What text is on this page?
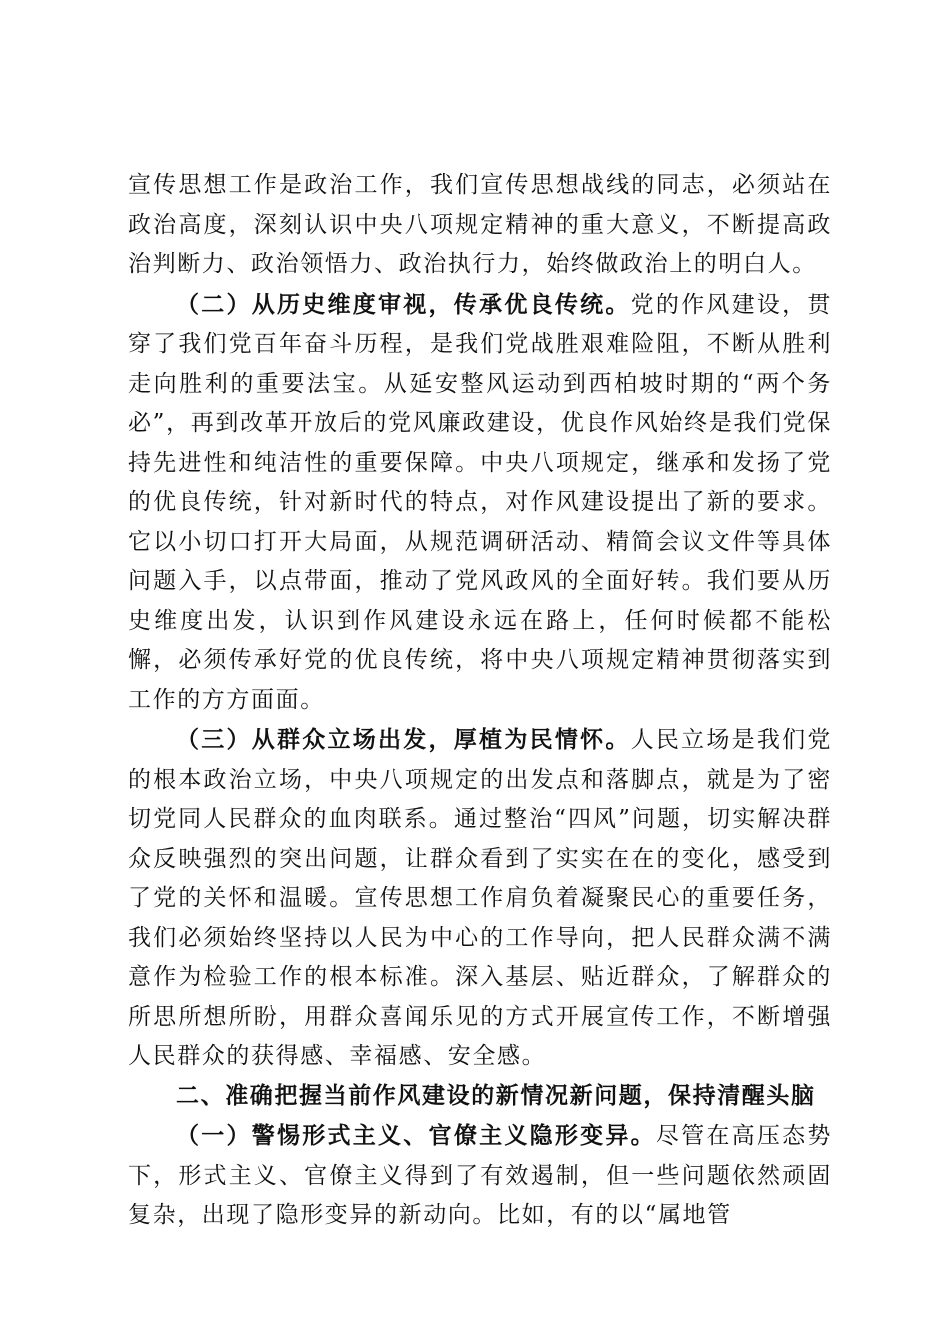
宣传思想工作是政治工作，我们宣传思想战线的同志，必须站在政治高度，深刻认识中央八项规定精神的重大意义，不断提高政治判断力、政治领悟力、政治执行力，始终做政治上的明白人。

（二）从历史维度审视，传承优良传统。党的作风建设，贯穿了我们党百年奋斗历程，是我们党战胜艰难险阻，不断从胜利走向胜利的重要法宝。从延安整风运动到西柏坡时期的“两个务必”，再到改革开放后的党风廉政建设，优良作风始终是我们党保持先进性和纯洁性的重要保障。中央八项规定，继承和发扬了党的优良传统，针对新时代的特点，对作风建设提出了新的要求。它以小切口打开大局面，从规范调研活动、精简会议文件等具体问题入手，以点带面，推动了党风政风的全面好转。我们要从历史维度出发，认识到作风建设永远在路上，任何时候都不能松懈，必须传承好党的优良传统，将中央八项规定精神贯彻落实到工作的方方面面。

（三）从群众立场出发，厚植为民情怀。人民立场是我们党的根本政治立场，中央八项规定的出发点和落脚点，就是为了密切党同人民群众的血肉联系。通过整治“四风”问题，切实解决群众反映强烈的突出问题，让群众看到了实实在在的变化，感受到了党的关怀和温暖。宣传思想工作肩负着凝聚民心的重要任务，我们必须始终坚持以人民为中心的工作导向，把人民群众满不满意作为检验工作的根本标准。深入基层、贴近群众，了解群众的所思所想所盼，用群众喜闻乐见的方式开展宣传工作，不断增强人民群众的获得感、幸福感、安全感。

二、准确把握当前作风建设的新情况新问题，保持清醒头脑

（一）警惕形式主义、官僚主义隐形变异。尽管在高压态势下，形式主义、官僚主义得到了有效遏制，但一些问题依然顽固复杂，出现了隐形变异的新动向。比如，有的以“属地管
